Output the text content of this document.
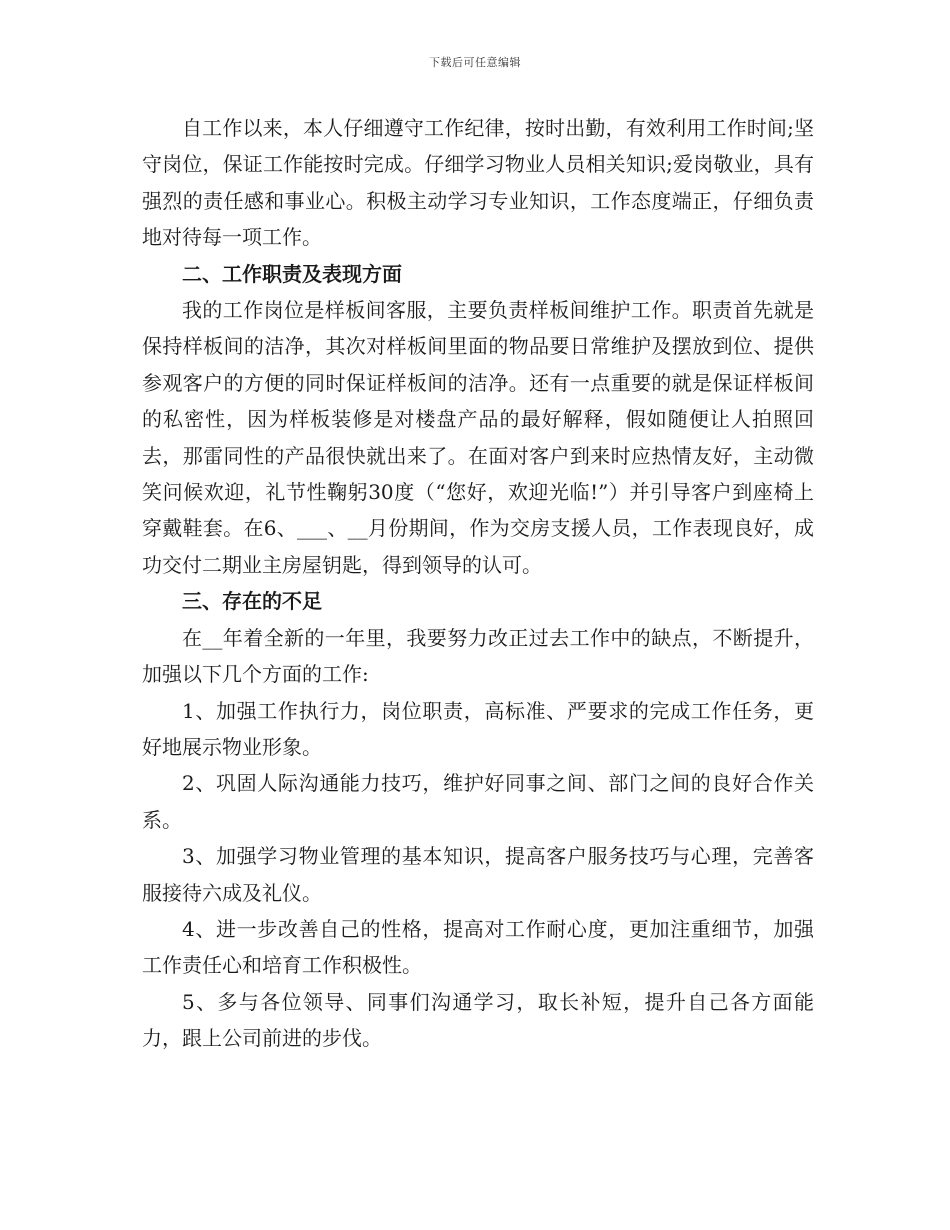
下载后可任意编辑

自工作以来，本人仔细遵守工作纪律，按时出勤，有效利用工作时间;坚守岗位，保证工作能按时完成。仔细学习物业人员相关知识;爱岗敬业，具有强烈的责任感和事业心。积极主动学习专业知识，工作态度端正，仔细负责地对待每一项工作。

二、工作职责及表现方面

我的工作岗位是样板间客服，主要负责样板间维护工作。职责首先就是保持样板间的洁净，其次对样板间里面的物品要日常维护及摆放到位、提供参观客户的方便的同时保证样板间的洁净。还有一点重要的就是保证样板间的私密性，因为样板装修是对楼盘产品的最好解释，假如随便让人拍照回去，那雷同性的产品很快就出来了。在面对客户到来时应热情友好，主动微笑问候欢迎，礼节性鞠躬30度（“您好，欢迎光临!”）并引导客户到座椅上穿戴鞋套。在6、___、__月份期间，作为交房支援人员，工作表现良好，成功交付二期业主房屋钥匙，得到领导的认可。

三、存在的不足

在__年着全新的一年里，我要努力改正过去工作中的缺点，不断提升，加强以下几个方面的工作:

1、加强工作执行力，岗位职责，高标准、严要求的完成工作任务，更好地展示物业形象。

2、巩固人际沟通能力技巧，维护好同事之间、部门之间的良好合作关系。

3、加强学习物业管理的基本知识，提高客户服务技巧与心理，完善客服接待六成及礼仪。

4、进一步改善自己的性格，提高对工作耐心度，更加注重细节，加强工作责任心和培育工作积极性。

5、多与各位领导、同事们沟通学习，取长补短，提升自己各方面能力，跟上公司前进的步伐。
